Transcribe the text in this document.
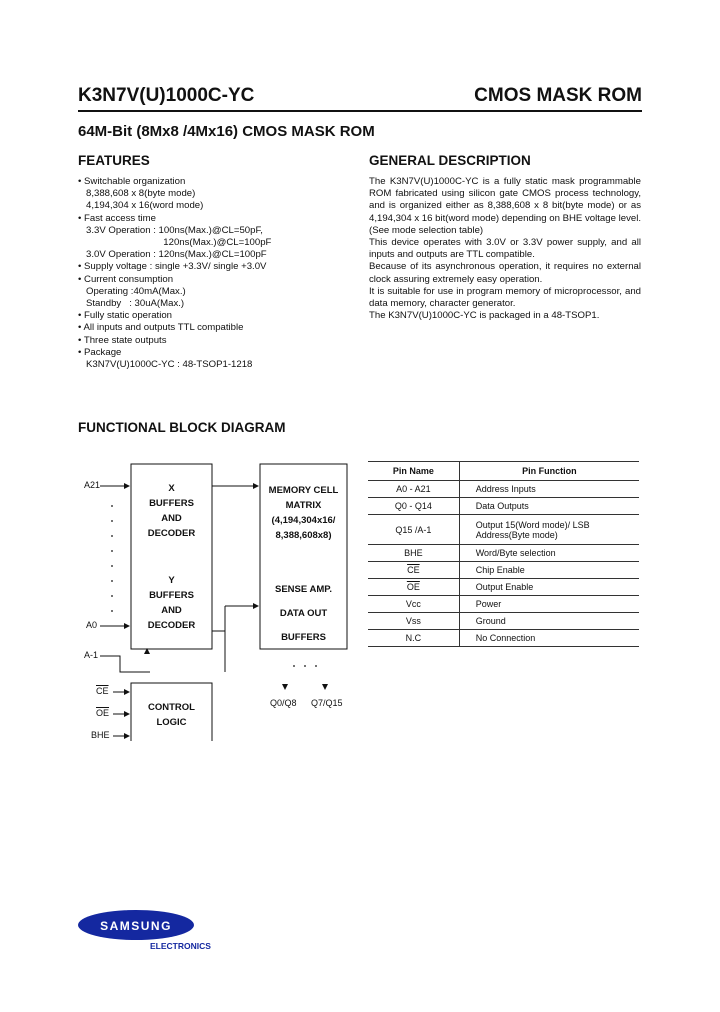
K3N7V(U)1000C-YC	CMOS MASK ROM
64M-Bit (8Mx8 /4Mx16) CMOS MASK ROM
FEATURES
• Switchable organization
8,388,608 x 8(byte mode)
4,194,304 x 16(word mode)
• Fast access time
3.3V Operation : 100ns(Max.)@CL=50pF,
120ns(Max.)@CL=100pF
3.0V Operation : 120ns(Max.)@CL=100pF
• Supply voltage : single +3.3V/ single +3.0V
• Current consumption
Operating :40mA(Max.)
Standby   : 30uA(Max.)
• Fully static operation
• All inputs and outputs TTL compatible
• Three state outputs
• Package
K3N7V(U)1000C-YC : 48-TSOP1-1218
GENERAL DESCRIPTION

The K3N7V(U)1000C-YC is a fully static mask programmable ROM fabricated using silicon gate CMOS process technology, and is organized either as 8,388,608 x 8 bit(byte mode) or as 4,194,304 x 16 bit(word mode) depending on BHE voltage level.(See mode selection table)

This device operates with 3.0V or 3.3V power supply, and all inputs and outputs are TTL compatible.

Because of its asynchronous operation, it requires no external clock assuring extremely easy operation.

It is suitable for use in program memory of microprocessor, and data memory, character generator.

The K3N7V(U)1000C-YC is packaged in a 48-TSOP1.

FUNCTIONAL BLOCK DIAGRAM
X
BUFFERS
AND
DECODER
Y
BUFFERS
AND
DECODER
MEMORY CELL
MATRIX
(4,194,304x16/
8,388,608x8)
SENSE AMP.
DATA OUT
BUFFERS
CONTROL
LOGIC
A21
A0
A-1
$\overline{CE}$
$\overline{OE}$
BHE
Q0/Q8 Q7/Q15
Pin Name	Pin Function
A0 - A21	Address Inputs
Q0 - Q14	Data Outputs
Q15 /A-1	Output 15(Word mode)/ LSB Address(Byte mode)
BHE	Word/Byte selection
$\overline{CE}$	Chip Enable
$\overline{OE}$	Output Enable
Vcc	Power
Vss	Ground
N.C	No Connection
SAMSUNG
ELECTRONICS
